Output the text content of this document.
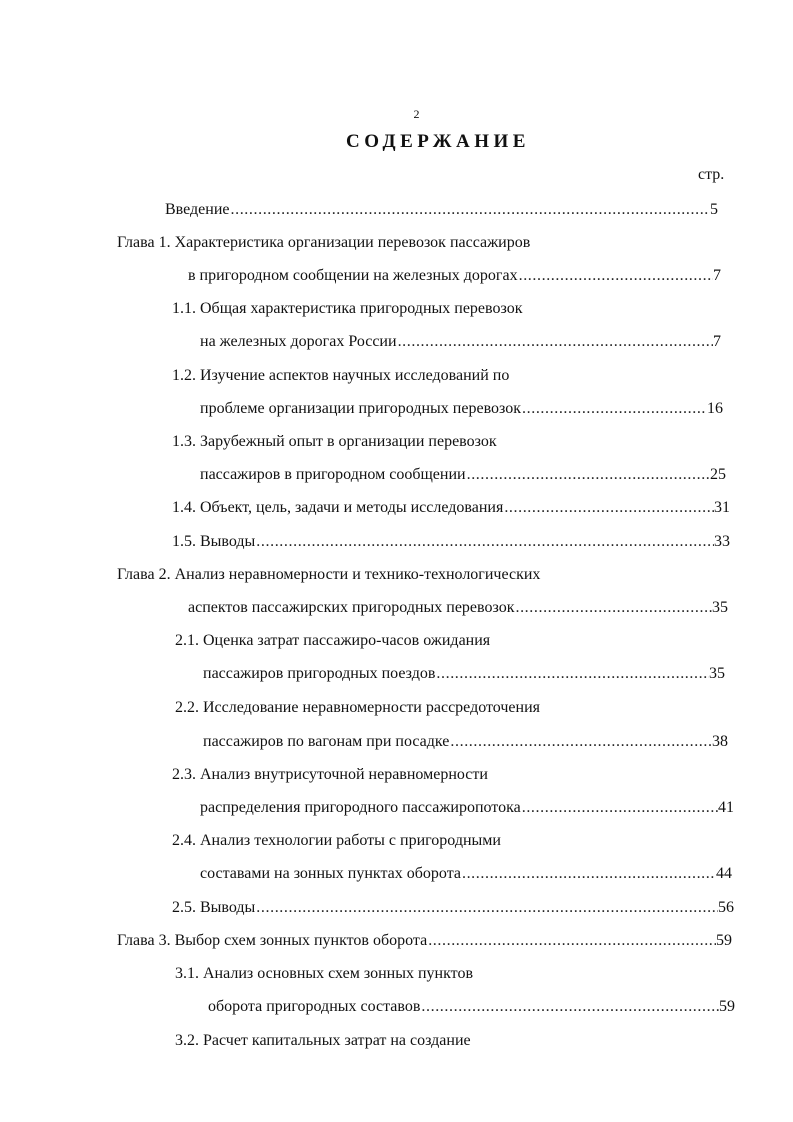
2
СОДЕРЖАНИЕ
стр.
Введение .....	5
Глава 1. Характеристика организации перевозок пассажиров
в пригородном сообщении на железных дорогах .....	7
1.1. Общая характеристика пригородных перевозок
на железных дорогах России .....	7
1.2. Изучение аспектов научных исследований по
проблеме организации пригородных перевозок .....	16
1.3. Зарубежный опыт в организации перевозок
пассажиров в пригородном сообщении .....	25
1.4. Объект, цель, задачи и методы исследования .....	31
1.5. Выводы .....	33
Глава 2. Анализ неравномерности и технико-технологических
аспектов пассажирских пригородных перевозок .....	35
2.1. Оценка затрат пассажиро-часов ожидания
пассажиров пригородных поездов .....	35
2.2. Исследование неравномерности рассредоточения
пассажиров по вагонам при посадке .....	38
2.3. Анализ внутрисуточной неравномерности
распределения пригородного пассажиропотока .....	41
2.4. Анализ технологии работы с пригородными
составами на зонных пунктах оборота .....	44
2.5. Выводы .....	56
Глава 3. Выбор схем зонных пунктов оборота .....	59
3.1. Анализ основных схем зонных пунктов
оборота пригородных составов .....	59
3.2. Расчет капитальных затрат на создание
